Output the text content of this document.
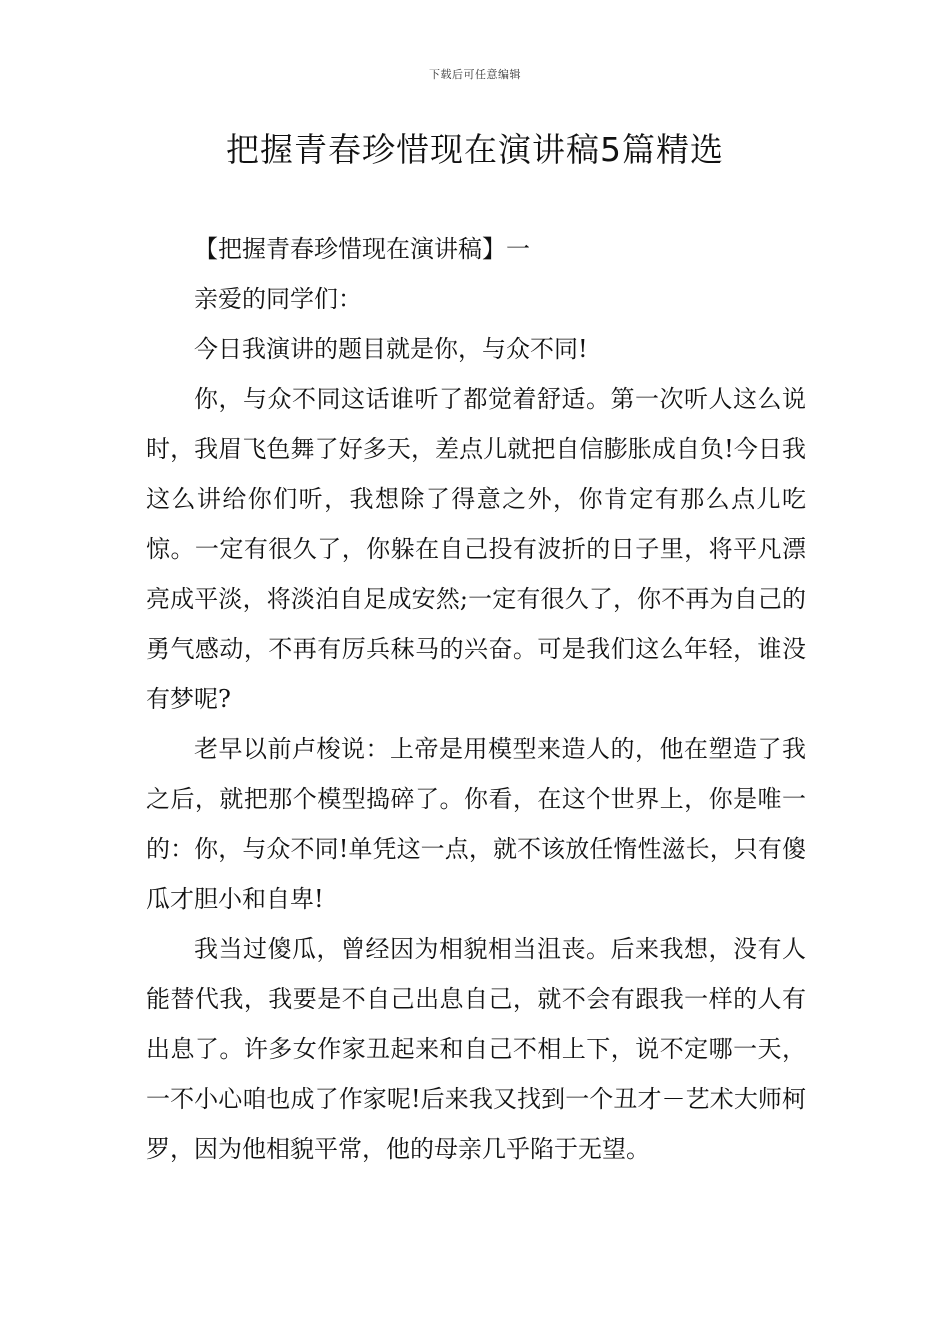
下载后可任意编辑
把握青春珍惜现在演讲稿5篇精选

【把握青春珍惜现在演讲稿】一

亲爱的同学们：

今日我演讲的题目就是你，与众不同!

你，与众不同这话谁听了都觉着舒适。第一次听人这么说时，我眉飞色舞了好多天，差点儿就把自信膨胀成自负!今日我这么讲给你们听，我想除了得意之外，你肯定有那么点儿吃惊。一定有很久了，你躲在自己投有波折的日子里，将平凡漂亮成平淡，将淡泊自足成安然;一定有很久了，你不再为自己的勇气感动，不再有厉兵秣马的兴奋。可是我们这么年轻，谁没有梦呢?

老早以前卢梭说：上帝是用模型来造人的，他在塑造了我之后，就把那个模型捣碎了。你看，在这个世界上，你是唯一的：你，与众不同!单凭这一点，就不该放任惰性滋长，只有傻瓜才胆小和自卑!

我当过傻瓜，曾经因为相貌相当沮丧。后来我想，没有人能替代我，我要是不自己出息自己，就不会有跟我一样的人有出息了。许多女作家丑起来和自己不相上下，说不定哪一天，一不小心咱也成了作家呢!后来我又找到一个丑才－艺术大师柯罗，因为他相貌平常，他的母亲几乎陷于无望。
